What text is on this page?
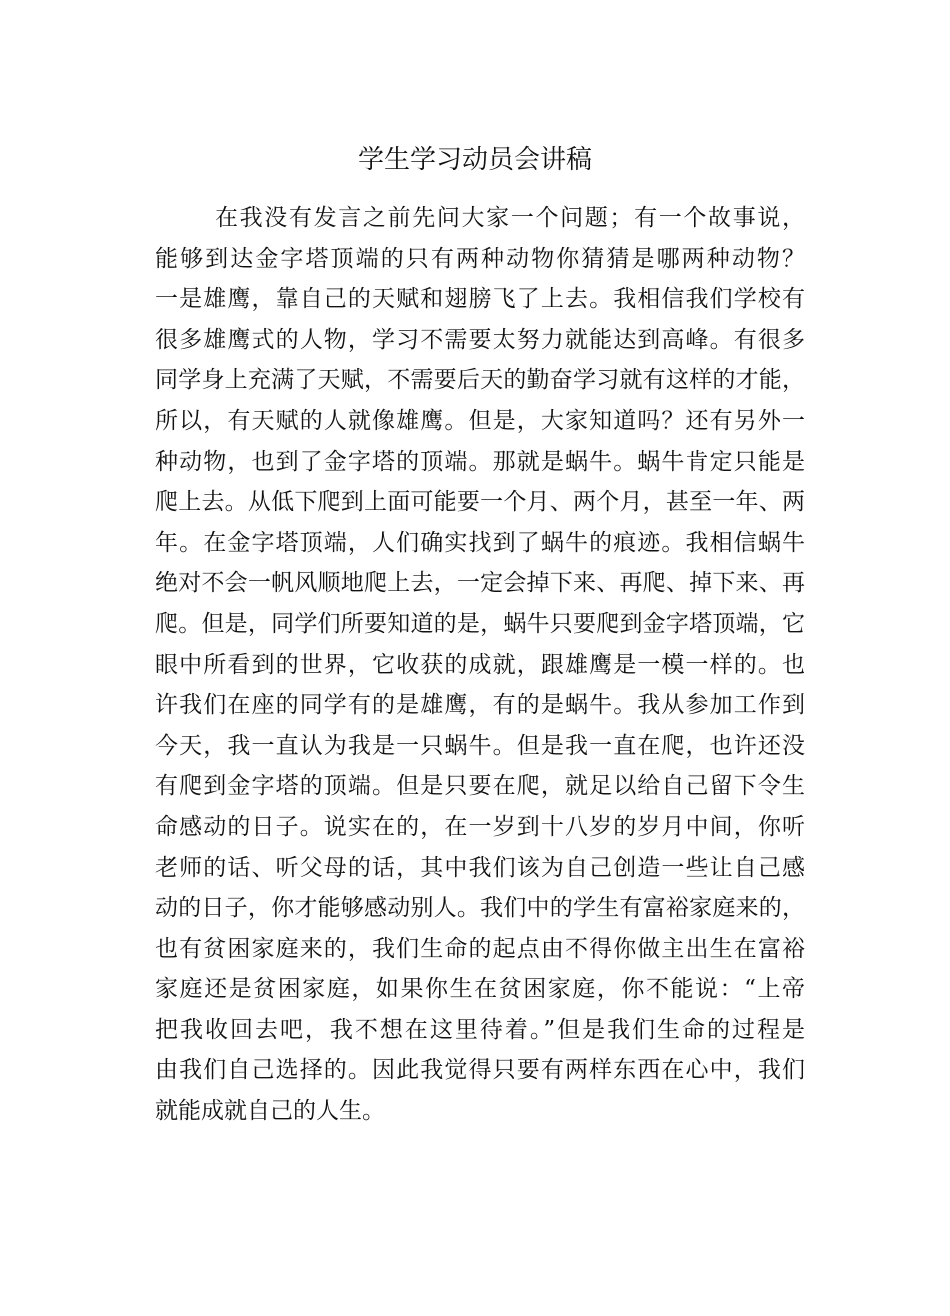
学生学习动员会讲稿
在我没有发言之前先问大家一个问题；有一个故事说，
能够到达金字塔顶端的只有两种动物你猜猜是哪两种动物？
一是雄鹰，靠自己的天赋和翅膀飞了上去。我相信我们学校有
很多雄鹰式的人物，学习不需要太努力就能达到高峰。有很多
同学身上充满了天赋，不需要后天的勤奋学习就有这样的才能，
所以，有天赋的人就像雄鹰。但是，大家知道吗？还有另外一
种动物，也到了金字塔的顶端。那就是蜗牛。蜗牛肯定只能是
爬上去。从低下爬到上面可能要一个月、两个月，甚至一年、两
年。在金字塔顶端，人们确实找到了蜗牛的痕迹。我相信蜗牛
绝对不会一帆风顺地爬上去，一定会掉下来、再爬、掉下来、再
爬。但是，同学们所要知道的是，蜗牛只要爬到金字塔顶端，它
眼中所看到的世界，它收获的成就，跟雄鹰是一模一样的。也
许我们在座的同学有的是雄鹰，有的是蜗牛。我从参加工作到
今天，我一直认为我是一只蜗牛。但是我一直在爬，也许还没
有爬到金字塔的顶端。但是只要在爬，就足以给自己留下令生
命感动的日子。说实在的，在一岁到十八岁的岁月中间，你听
老师的话、听父母的话，其中我们该为自己创造一些让自己感
动的日子，你才能够感动别人。我们中的学生有富裕家庭来的，
也有贫困家庭来的，我们生命的起点由不得你做主出生在富裕
家庭还是贫困家庭，如果你生在贫困家庭，你不能说：“上帝
把我收回去吧，我不想在这里待着。”但是我们生命的过程是
由我们自己选择的。因此我觉得只要有两样东西在心中，我们
就能成就自己的人生。
